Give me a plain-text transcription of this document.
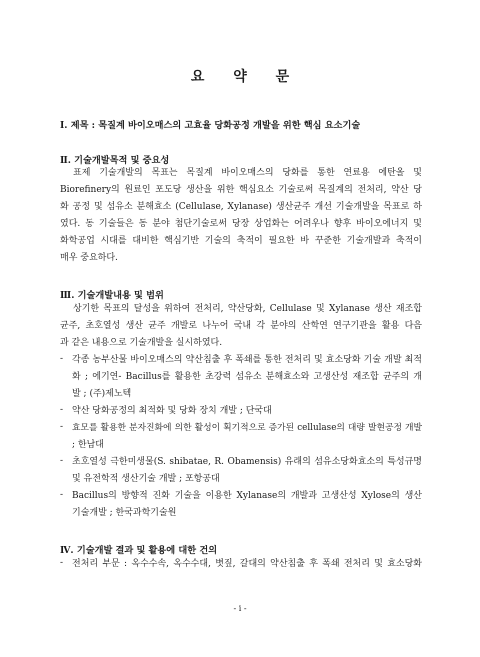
요 약 문
Ⅰ. 제목 : 목질계 바이오매스의 고효율 당화공정 개발을 위한 핵심 요소기술
Ⅱ. 기술개발목적 및 중요성
표제 기술개발의 목표는 목질계 바이오매스의 당화를 통한 연료용 에탄올 및
Biorefinery의 원료인 포도당 생산을 위한 핵심요소 기술로써 목질계의 전처리, 약산 당
화 공정 및 섬유소 분해효소 (Cellulase, Xylanase) 생산균주 개선 기술개발을 목표로 하
였다. 동 기술들은 동 분야 첨단기술로써 당장 상업화는 어려우나 향후 바이오에너지 및
화학공업 시대를 대비한 핵심기반 기술의 축적이 필요한 바 꾸준한 기술개발과 축적이
매우 중요하다.
Ⅲ. 기술개발내용 및 범위
상기한 목표의 달성을 위하여 전처리, 약산당화, Cellulase 및 Xylanase 생산 재조합
균주, 초호열성 생산 균주 개발로 나누어 국내 각 분야의 산학연 연구기관을 활용 다음
과 같은 내용으로 기술개발을 실시하였다.
- 각종 농부산물 바이오매스의 약산침출 후 폭쇄를 통한 전처리 및 효소당화 기술 개발 최적
화 ; 에기연- Bacillus를 활용한 초강력 섬유소 분해효소와 고생산성 재조합 균주의 개
발 ; (주)제노텍
- 약산 당화공정의 최적화 및 당화 장치 개발 ; 단국대
- 효모를 활용한 분자진화에 의한 활성이 획기적으로 증가된 cellulase의 대량 발현공정 개발
; 한남대
- 초호열성 극한미생물(S. shibatae, R. Obamensis) 유래의 섬유소당화효소의 특성규명
및 유전학적 생산기술 개발 ; 포항공대
- Bacillus의 방향적 진화 기술을 이용한 Xylanase의 개발과 고생산성 Xylose의 생산
기술개발 ; 한국과학기술원
Ⅳ. 기술개발 결과 및 활용에 대한 건의
- 전처리 부문 : 옥수수속, 옥수수대, 볏짚, 갈대의 약산침출 후 폭쇄 전처리 및 효소당화
- i -
